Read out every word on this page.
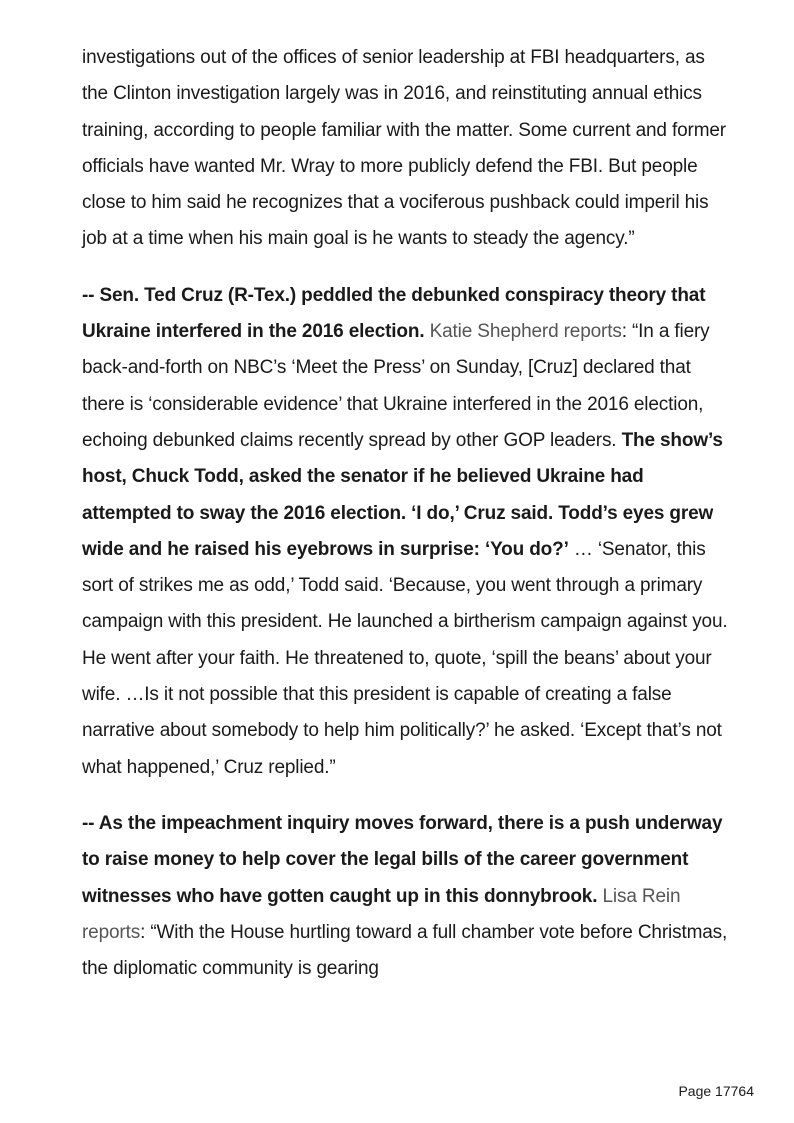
investigations out of the offices of senior leadership at FBI headquarters, as the Clinton investigation largely was in 2016, and reinstituting annual ethics training, according to people familiar with the matter. Some current and former officials have wanted Mr. Wray to more publicly defend the FBI. But people close to him said he recognizes that a vociferous pushback could imperil his job at a time when his main goal is he wants to steady the agency.”

-- Sen. Ted Cruz (R-Tex.) peddled the debunked conspiracy theory that Ukraine interfered in the 2016 election. Katie Shepherd reports: “In a fiery back-and-forth on NBC’s ‘Meet the Press’ on Sunday, [Cruz] declared that there is ‘considerable evidence’ that Ukraine interfered in the 2016 election, echoing debunked claims recently spread by other GOP leaders. The show’s host, Chuck Todd, asked the senator if he believed Ukraine had attempted to sway the 2016 election. ‘I do,’ Cruz said. Todd’s eyes grew wide and he raised his eyebrows in surprise: ‘You do?’ … ‘Senator, this sort of strikes me as odd,’ Todd said. ‘Because, you went through a primary campaign with this president. He launched a birtherism campaign against you. He went after your faith. He threatened to, quote, ‘spill the beans’ about your wife. …Is it not possible that this president is capable of creating a false narrative about somebody to help him politically?’ he asked. ‘Except that’s not what happened,’ Cruz replied.”

-- As the impeachment inquiry moves forward, there is a push underway to raise money to help cover the legal bills of the career government witnesses who have gotten caught up in this donnybrook. Lisa Rein reports: “With the House hurtling toward a full chamber vote before Christmas, the diplomatic community is gearing

Page 17764
